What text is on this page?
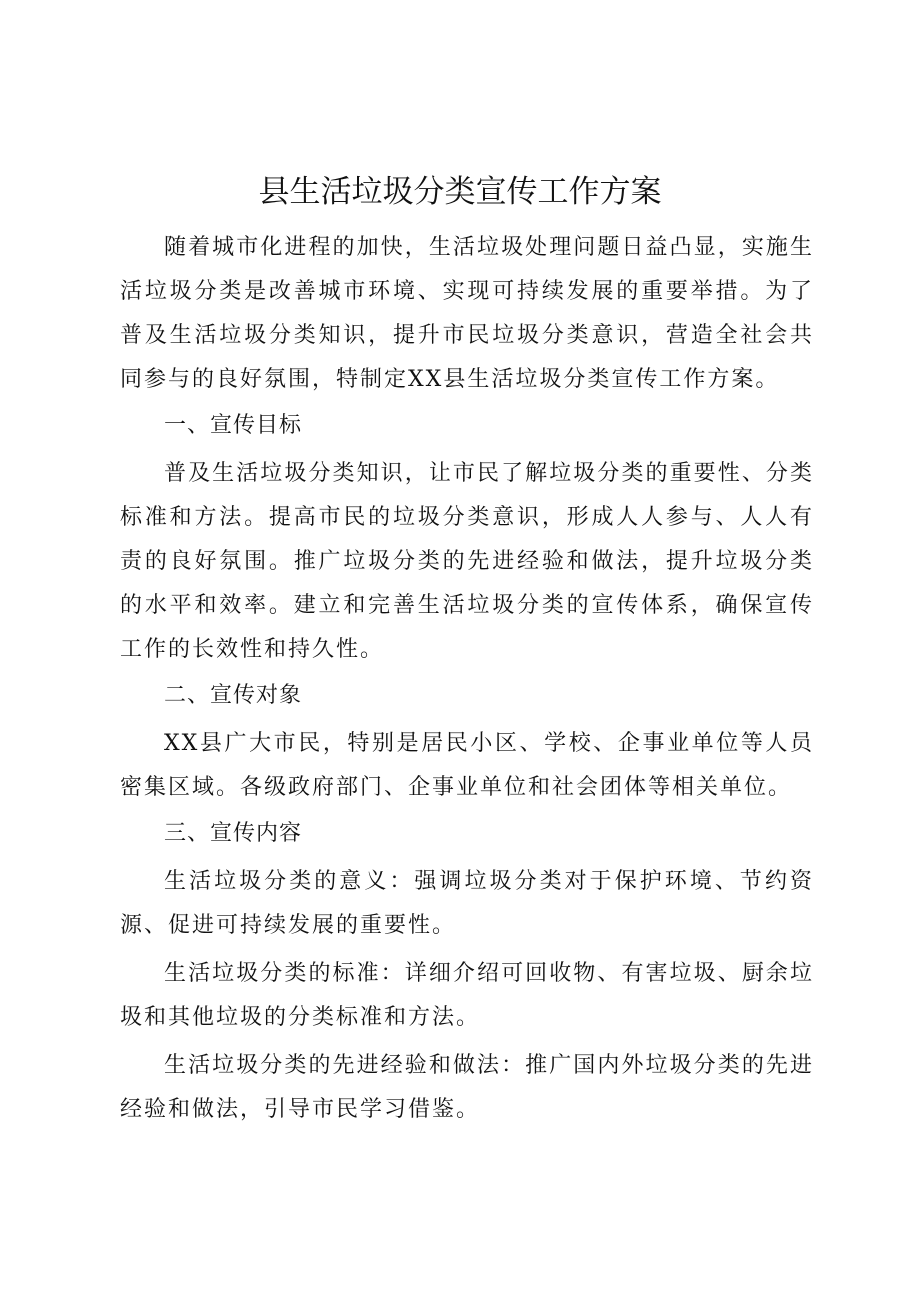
县生活垃圾分类宣传工作方案

随着城市化进程的加快，生活垃圾处理问题日益凸显，实施生活垃圾分类是改善城市环境、实现可持续发展的重要举措。为了普及生活垃圾分类知识，提升市民垃圾分类意识，营造全社会共同参与的良好氛围，特制定XX县生活垃圾分类宣传工作方案。

一、宣传目标

普及生活垃圾分类知识，让市民了解垃圾分类的重要性、分类标准和方法。提高市民的垃圾分类意识，形成人人参与、人人有责的良好氛围。推广垃圾分类的先进经验和做法，提升垃圾分类的水平和效率。建立和完善生活垃圾分类的宣传体系，确保宣传工作的长效性和持久性。

二、宣传对象

XX县广大市民，特别是居民小区、学校、企事业单位等人员密集区域。各级政府部门、企事业单位和社会团体等相关单位。

三、宣传内容

生活垃圾分类的意义：强调垃圾分类对于保护环境、节约资源、促进可持续发展的重要性。

生活垃圾分类的标准：详细介绍可回收物、有害垃圾、厨余垃圾和其他垃圾的分类标准和方法。

生活垃圾分类的先进经验和做法：推广国内外垃圾分类的先进经验和做法，引导市民学习借鉴。
